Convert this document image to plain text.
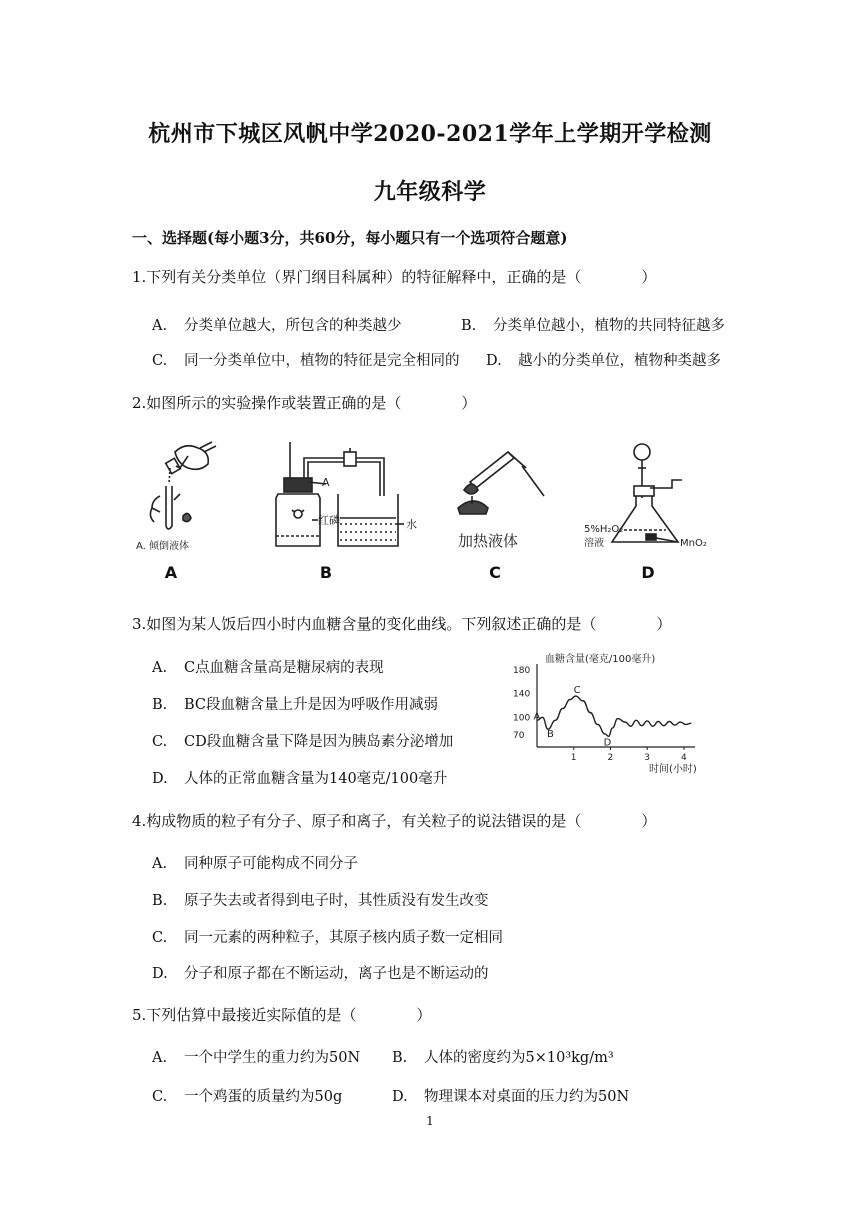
杭州市下城区风帆中学2020-2021学年上学期开学检测
九年级科学
一、选择题(每小题3分，共60分，每小题只有一个选项符合题意)
1.下列有关分类单位（界门纲目科属种）的特征解释中，正确的是（　　　　）
A. 分类单位越大，所包含的种类越少	B. 分类单位越小，植物的共同特征越多
C. 同一分类单位中，植物的特征是完全相同的 D. 越小的分类单位，植物种类越多
2.如图所示的实验操作或装置正确的是（　　　　）
A. 倾倒液体
A
A
红磷	水
B
加热液体
C
5%H₂O₂
溶液	MnO₂
D
3.如图为某人饭后四小时内血糖含量的变化曲线。下列叙述正确的是（　　　　）
A. C点血糖含量高是糖尿病的表现
B. BC段血糖含量上升是因为呼吸作用减弱
C. CD段血糖含量下降是因为胰岛素分泌增加
D. 人体的正常血糖含量为140毫克/100毫升
血糖含量(毫克/100毫升)
时间(小时)
70
100
140
180
1	2	3	4
A
B
C
D
4.构成物质的粒子有分子、原子和离子，有关粒子的说法错误的是（　　　　）
A. 同种原子可能构成不同分子
B. 原子失去或者得到电子时，其性质没有发生改变
C. 同一元素的两种粒子，其原子核内质子数一定相同
D. 分子和原子都在不断运动，离子也是不断运动的
5.下列估算中最接近实际值的是（　　　　）
A. 一个中学生的重力约为50N B. 人体的密度约为5×10³kg/m³
C. 一个鸡蛋的质量约为50g	D. 物理课本对桌面的压力约为50N
1
